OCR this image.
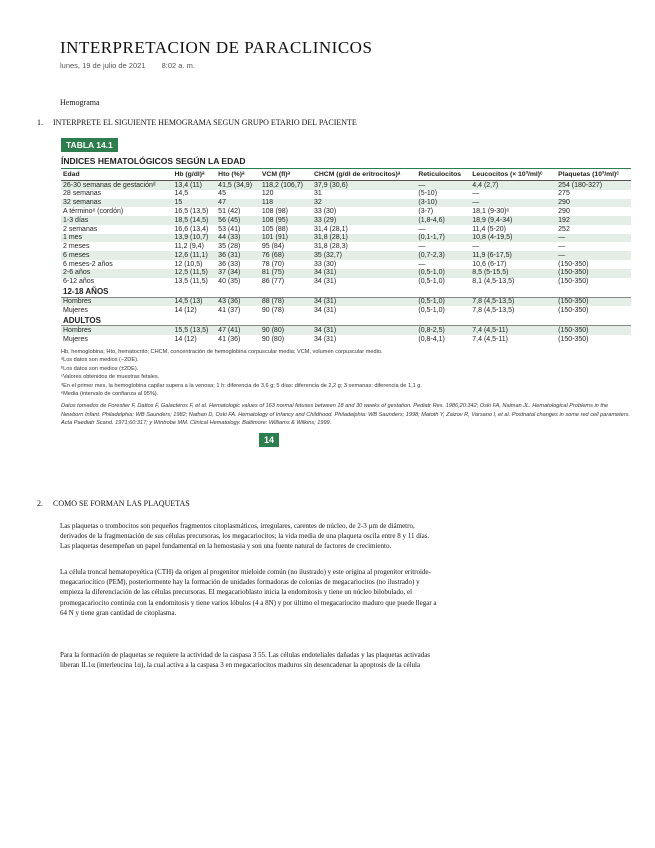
INTERPRETACION DE PARACLINICOS
lunes, 19 de julio de 2021 8:02 a. m.
Hemograma
1. INTERPRETE EL SIGUIENTE HEMOGRAMA SEGUN GRUPO ETARIO DEL PACIENTE
TABLA 14.1
ÍNDICES HEMATOLÓGICOS SEGÚN LA EDAD
Edad	Hb (g/dl)ᵃ	Hto (%)ᵃ	VCM (fl)ᵃ	CHCM (g/dl de eritrocitos)ᵃ	Reticulocitos	Leucocitos (× 10³/ml)ᶜ	Plaquetas (10³/ml)ᶜ
26-30 semanas de gestaciónᵈ	13,4 (11)	41,5 (34,9)	118,2 (106,7)	37,9 (30,6)	—	4,4 (2,7)	254 (180-327)
28 semanas	14,5	45	120	31	(5-10)	—	275
32 semanas	15	47	118	32	(3-10)	—	290
A términoᵉ (cordón)	16,5 (13,5)	51 (42)	108 (98)	33 (30)	(3-7)	18,1 (9-30)ᵉ	290
1-3 días	18,5 (14,5)	56 (45)	108 (95)	33 (29)	(1,8-4,6)	18,9 (9,4-34)	192
2 semanas	16,6 (13,4)	53 (41)	105 (88)	31,4 (28,1)	—	11,4 (5-20)	252
1 mes	13,9 (10,7)	44 (33)	101 (91)	31,8 (28,1)	(0,1-1,7)	10,8 (4-19,5)	—
2 meses	11,2 (9,4)	35 (28)	95 (84)	31,8 (28,3)	—	—	—
6 meses	12,6 (11,1)	36 (31)	76 (68)	35 (32,7)	(0,7-2,3)	11,9 (6-17,5)	—
6 meses-2 años	12 (10,5)	36 (33)	78 (70)	33 (30)	—	10,6 (6-17)	(150-350)
2-6 años	12,5 (11,5)	37 (34)	81 (75)	34 (31)	(0,5-1,0)	8,5 (5-15,5)	(150-350)
6-12 años	13,5 (11,5)	40 (35)	86 (77)	34 (31)	(0,5-1,0)	8,1 (4,5-13,5)	(150-350)
12-18 AÑOS							
Hombres	14,5 (13)	43 (36)	88 (78)	34 (31)	(0,5-1,0)	7,8 (4,5-13,5)	(150-350)
Mujeres	14 (12)	41 (37)	90 (78)	34 (31)	(0,5-1,0)	7,8 (4,5-13,5)	(150-350)
ADULTOS							
Hombres	15,5 (13,5)	47 (41)	90 (80)	34 (31)	(0,8-2,5)	7,4 (4,5-11)	(150-350)
Mujeres	14 (12)	41 (36)	90 (80)	34 (31)	(0,8-4,1)	7,4 (4,5-11)	(150-350)
Hb, hemoglobina; Hto, hematocrito; CHCM, concentración de hemoglobina corpuscular media; VCM, volumen corpuscular medio.
ᵃLos datos son medios (−2DE).
ᵇLos datos son medios (±2DE).
ᶜValores obtenidos de muestras fetales.
ᵈEn el primer mes, la hemoglobina capilar supera a la venosa; 1 h: diferencia de 3,6 g; 5 días: diferencia de 2,2 g; 3 semanas: diferencia de 1,1 g.
ᵉMedia (intervalo de confianza al 95%).
Datos tomados de Forestier F, Dattos F, Galacteros F, et al. Hematologic values of 163 normal fetuses between 18 and 30 weeks of gestation. Pediatr Res. 1986;20:342; Oski FA, Naiman JL. Hematological Problems in the Newborn Infant. Philadelphia: WB Saunders; 1982; Nathan D, Oski FA. Hematology of Infancy and Childhood. Philadelphia: WB Saunders; 1998; Matoth Y, Zaizov R, Varsano I, et al. Postnatal changes in some red cell parameters. Acta Paediatr Scand. 1971;60:317; y Wintrobe MM. Clinical Hematology. Baltimore: Williams & Wilkins; 1999.
14
2. COMO SE FORMAN LAS PLAQUETAS

Las plaquetas o trombocitos son pequeños fragmentos citoplasmáticos, irregulares, carentes de núcleo, de 2-3 µm de diámetro, derivados de la fragmentación de sus células precursoras, los megacariocitos; la vida media de una plaqueta oscila entre 8 y 11 días. Las plaquetas desempeñan un papel fundamental en la hemostasia y son una fuente natural de factores de crecimiento.

La célula troncal hematopoyética (CTH) da origen al progenitor mieloide común (no ilustrado) y este origina al progenitor eritroide-megacariocítico (PEM), posteriormente hay la formación de unidades formadoras de colonias de megacariocitos (no ilustrado) y empieza la diferenciación de las células precursoras. El megacarioblasto inicia la endomitosis y tiene un núcleo bilobulado, el promegacariocito continúa con la endomitosis y tiene varios lóbulos (4 a 8N) y por último el megacariocito maduro que puede llegar a 64 N y tiene gran cantidad de citoplasma.

Para la formación de plaquetas se requiere la actividad de la caspasa 3 55. Las células endoteliales dañadas y las plaquetas activadas liberan IL1α (interleucina 1α), la cual activa a la caspasa 3 en megacariocitos maduros sin desencadenar la apoptosis de la célula
